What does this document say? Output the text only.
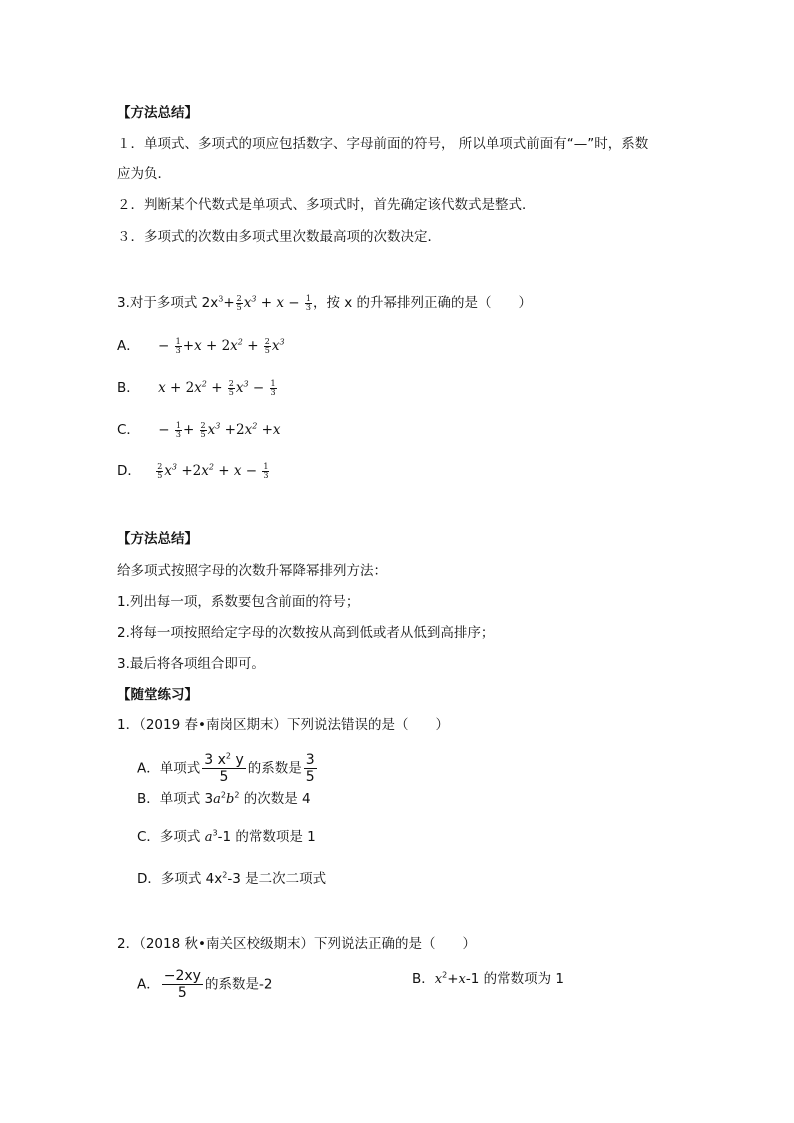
【方法总结】
１．单项式、多项式的项应包括数字、字母前面的符号， 所以单项式前面有“—”时，系数
应为负．
２．判断某个代数式是单项式、多项式时，首先确定该代数式是整式．
３．多项式的次数由多项式里次数最高项的次数决定．
3.对于多项式 $2x^3+ \frac{2}{5} x^3 + x - \frac{1}{3}$ ，按 x 的升幂排列正确的是（　　）
A． − $\frac{1}{3} +x + 2x^2 + \frac{2}{5} x^3$
B． $x + 2x^2 + \frac{2}{5} x^3 - \frac{1}{3}$
C． − $\frac{1}{3} + \frac{2}{5} x^3 +2x^2 +x$
D． $\frac{2}{5} x^3 +2x^2 + x - \frac{1}{3}$
【方法总结】
给多项式按照字母的次数升幂降幂排列方法：
1.列出每一项，系数要包含前面的符号；
2.将每一项按照给定字母的次数按从高到低或者从低到高排序；
3.最后将各项组合即可。
【随堂练习】
1．（2019 春•南岗区期末）下列说法错误的是（　　）
A．单项式 $\frac{3 x^2 y}{5}$ 的系数是 $\frac{3}{5}$
B．单项式 $3a^2b^2$ 的次数是 4
C．多项式 $a^3-1$ 的常数项是 1
D．多项式 $4x^2-3$ 是二次二项式
2．（2018 秋•南关区校级期末）下列说法正确的是（　　）
A． $\frac{-2xy}{5}$ 的系数是-2	B．$x^2+x-1$ 的常数项为 1
